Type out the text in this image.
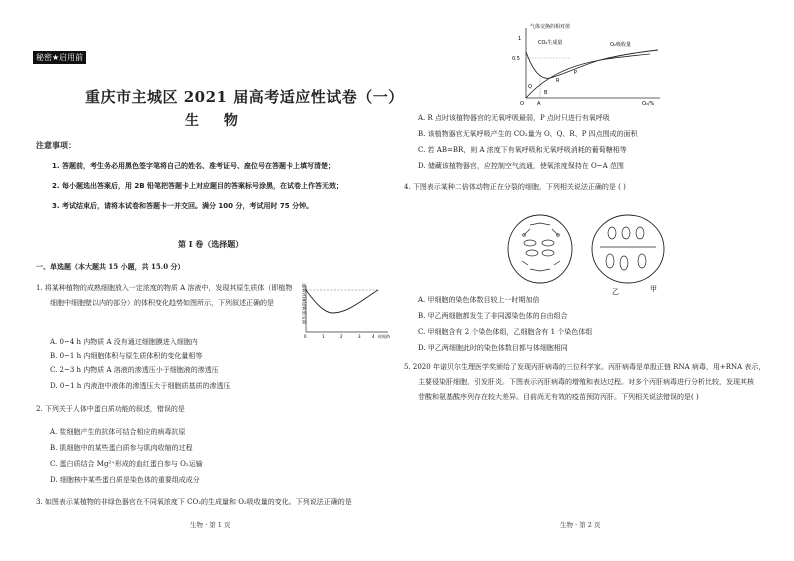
秘密★启用前
重庆市主城区 2021 届高考适应性试卷（一）
生 物
注意事项：
1. 答题前，考生务必用黑色签字笔将自己的姓名、准考证号、座位号在答题卡上填写清楚；
2. 每小题选出答案后，用 2B 铅笔把答题卡上对应题目的答案标号涂黑，在试卷上作答无效；
3. 考试结束后，请将本试卷和答题卡一并交回。满分 100 分，考试用时 75 分钟。
第 I 卷（选择题）
一、单选题（本大题共 15 小题，共 15.0 分）
1. 将某种植物的成熟细胞放入一定浓度的物质 A 溶液中，发现其原生质体（即植物
细胞中细胞壁以内的部分）的体积变化趋势如图所示，下列叙述正确的是	原生质体的相对体积
0	1	2	3	4 时间/h
A. 0~4 h 内物质 A 没有通过细胞膜进入细胞内
B. 0~1 h 内细胞体积与原生质体积的变化量相等
C. 2~3 h 内物质 A 溶液的渗透压小于细胞液的渗透压
D. 0~1 h 内液泡中液体的渗透压大于细胞质基质的渗透压
2. 下列关于人体中蛋白质功能的叙述，错误的是
A. 浆细胞产生的抗体可结合相应的病毒抗原
B. 肌细胞中的某些蛋白质参与肌肉收缩的过程
C. 蛋白质结合 Mg²⁺形成的血红蛋白参与 O₂运输
D. 细胞核中某些蛋白质是染色体的重要组成成分
3. 如图表示某植物的非绿色器官在不同氧浓度下 CO₂的生成量和 O₂吸收量的变化。下列说法正确的是
生物 · 第 1 页
气体交换的相对值
CO₂生成量	O₂吸收量
1
0.5
Q
R
P
A
B
O	O₂/%
A. R 点时该植物器官的无氧呼吸最弱，P 点时只进行有氧呼吸
B. 该植物器官无氧呼吸产生的 CO₂量为 O、Q、R、P 四点围成的面积
C. 若 AB=BR，则 A 浓度下有氧呼吸和无氧呼吸消耗的葡萄糖相等
D. 储藏该植物器官，应控制空气流通，使氧浓度保持在 O~A 范围
4. 下图表示某种二倍体动物正在分裂的细胞，下列相关说法正确的是 ( )
甲
乙
A. 甲细胞的染色体数目较上一时期加倍
B. 甲乙两细胞都发生了非同源染色体的自由组合
C. 甲细胞含有 2 个染色体组，乙细胞含有 1 个染色体组
D. 甲乙两细胞此时的染色体数目都与体细胞相同
5. 2020 年诺贝尔生理医学奖颁给了发现丙肝病毒的三位科学家。丙肝病毒是单股正链 RNA 病毒，用+RNA 表示，
主要侵染肝细胞，引发肝炎。下图表示丙肝病毒的增殖和表达过程。对多个丙肝病毒进行分析比较，发现其核
苷酸和氨基酸序列存在较大差异。目前尚无有效的疫苗预防丙肝。下列相关说法错误的是( )
生物 · 第 2 页
